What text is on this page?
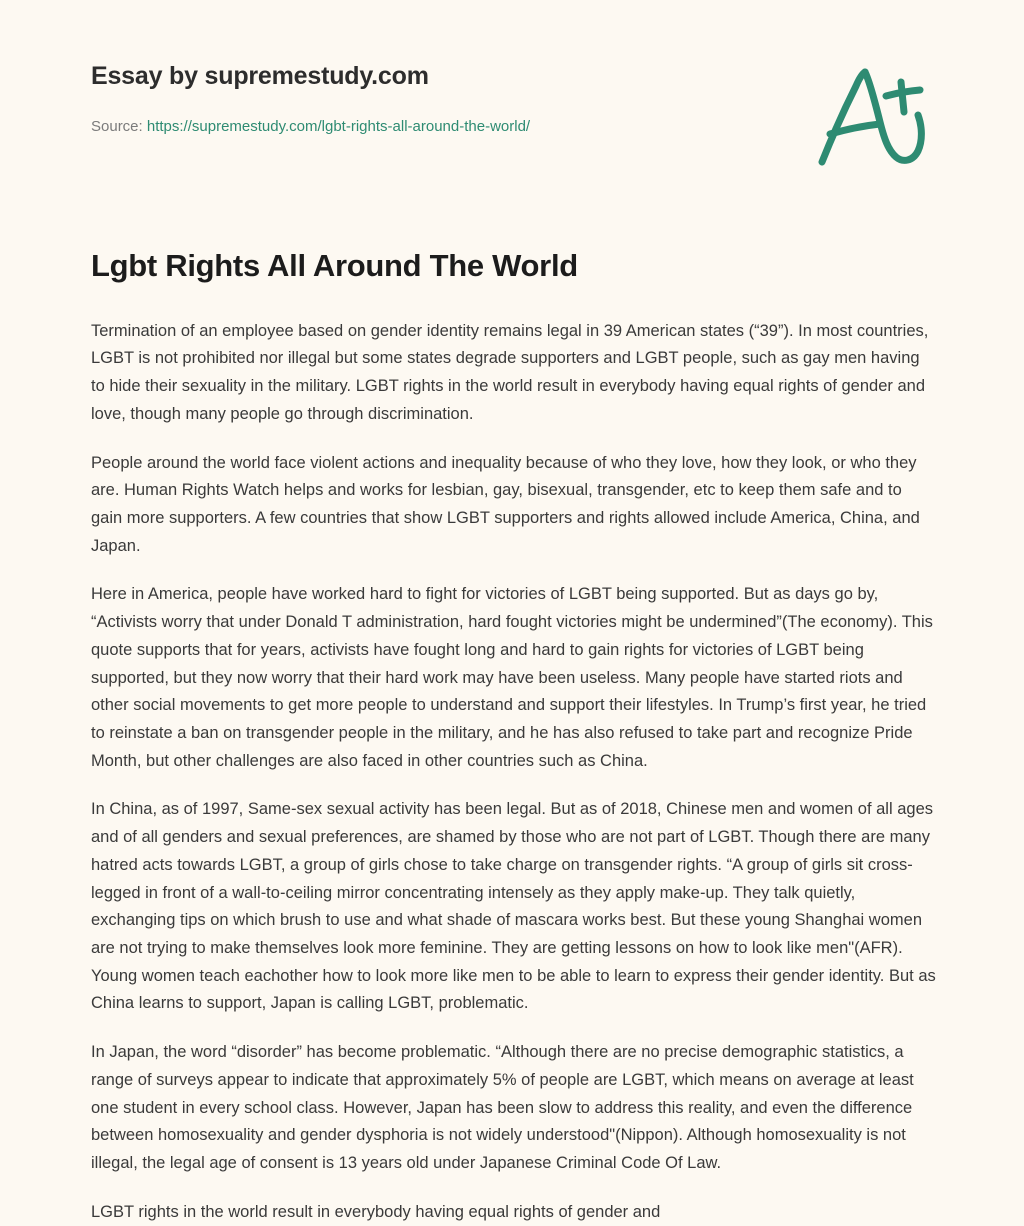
Essay by supremestudy.com
Source: https://supremestudy.com/lgbt-rights-all-around-the-world/
Lgbt Rights All Around The World

Termination of an employee based on gender identity remains legal in 39 American states (“39”). In most countries, LGBT is not prohibited nor illegal but some states degrade supporters and LGBT people, such as gay men having to hide their sexuality in the military. LGBT rights in the world result in everybody having equal rights of gender and love, though many people go through discrimination.

People around the world face violent actions and inequality because of who they love, how they look, or who they are. Human Rights Watch helps and works for lesbian, gay, bisexual, transgender, etc to keep them safe and to gain more supporters. A few countries that show LGBT supporters and rights allowed include America, China, and Japan.

Here in America, people have worked hard to fight for victories of LGBT being supported. But as days go by, “Activists worry that under Donald T administration, hard fought victories might be undermined”(The economy). This quote supports that for years, activists have fought long and hard to gain rights for victories of LGBT being supported, but they now worry that their hard work may have been useless. Many people have started riots and other social movements to get more people to understand and support their lifestyles. In Trump’s first year, he tried to reinstate a ban on transgender people in the military, and he has also refused to take part and recognize Pride Month, but other challenges are also faced in other countries such as China.

In China, as of 1997, Same-sex sexual activity has been legal. But as of 2018, Chinese men and women of all ages and of all genders and sexual preferences, are shamed by those who are not part of LGBT. Though there are many hatred acts towards LGBT, a group of girls chose to take charge on transgender rights. “A group of girls sit cross-legged in front of a wall-to-ceiling mirror concentrating intensely as they apply make-up. They talk quietly, exchanging tips on which brush to use and what shade of mascara works best. But these young Shanghai women are not trying to make themselves look more feminine. They are getting lessons on how to look like men"(AFR). Young women teach eachother how to look more like men to be able to learn to express their gender identity. But as China learns to support, Japan is calling LGBT, problematic.

In Japan, the word “disorder” has become problematic. “Although there are no precise demographic statistics, a range of surveys appear to indicate that approximately 5% of people are LGBT, which means on average at least one student in every school class. However, Japan has been slow to address this reality, and even the difference between homosexuality and gender dysphoria is not widely understood"(Nippon). Although homosexuality is not illegal, the legal age of consent is 13 years old under Japanese Criminal Code Of Law.

LGBT rights in the world result in everybody having equal rights of gender and
